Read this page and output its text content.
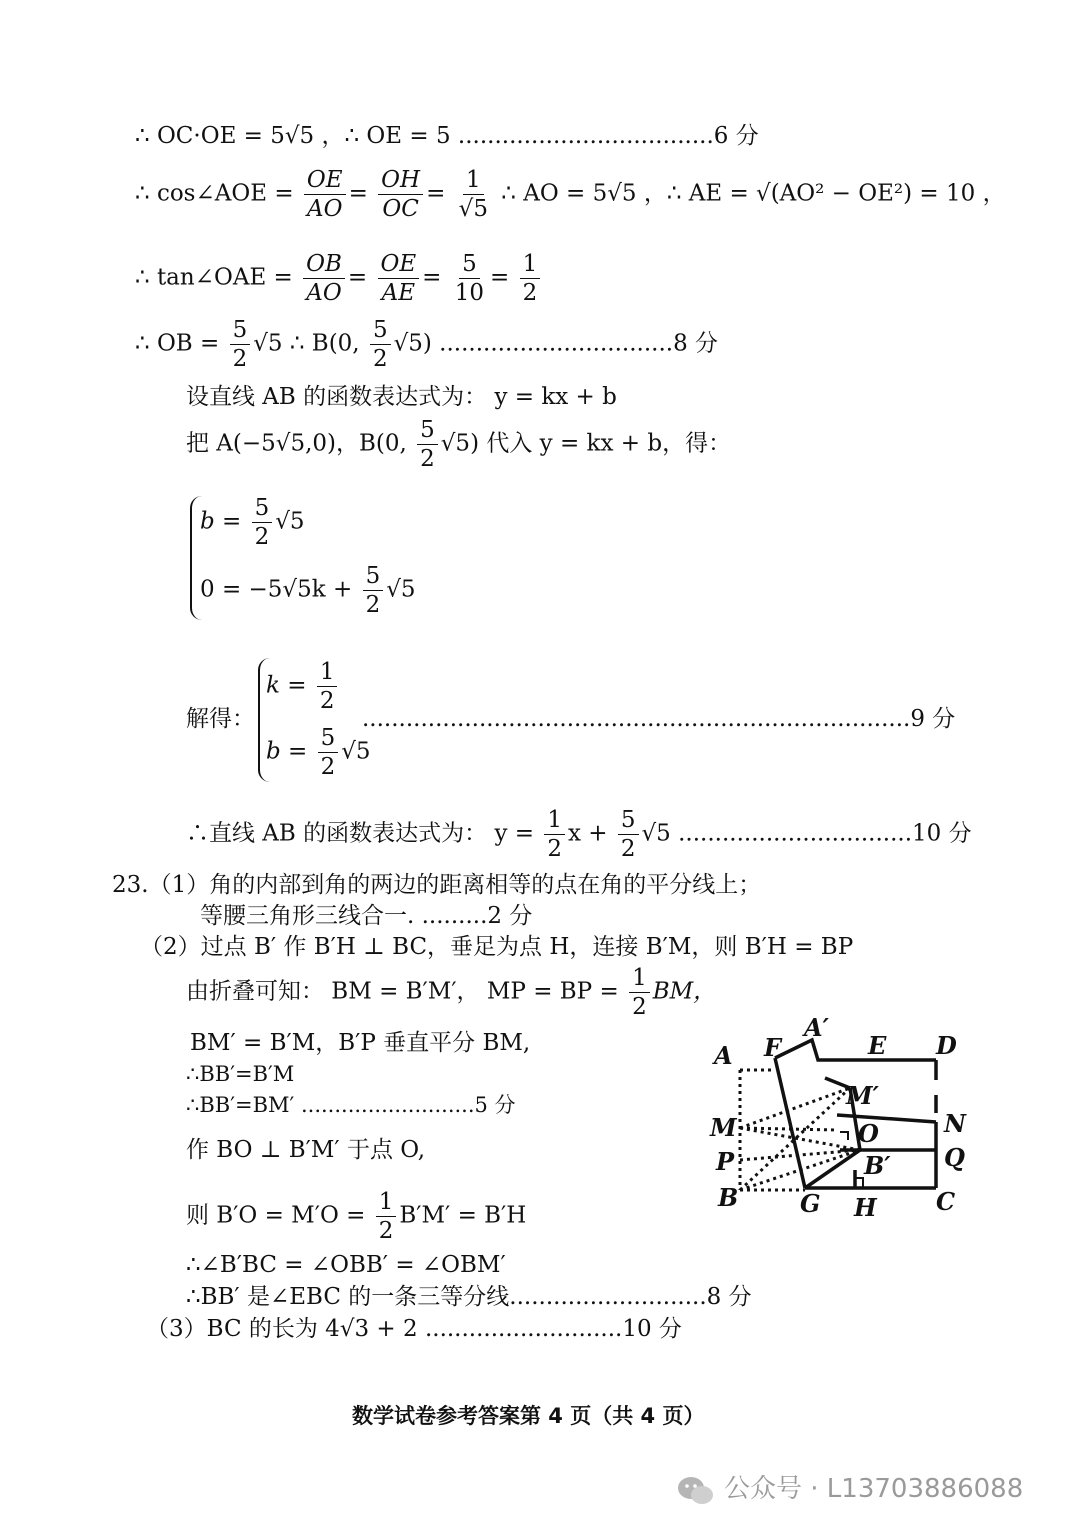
∴ OC·OE = 5√5 ，∴ OE = 5 ...................................6 分
∴ cos∠AOE = $\frac{OE}{AO} = \frac{OH}{OC} = \frac{1}{√5}$ ∴ AO = 5√5 ，∴ AE = √(AO² − OE²) = 10 ，
∴ tan∠OAE = $\frac{OB}{AO} = \frac{OE}{AE} = \frac{5}{10} = \frac{1}{2}$
∴ OB = $\frac{5}{2} √5$ ∴ B(0, $\frac{5}{2} √5$) ................................8 分
设直线 AB 的函数表达式为： y = kx + b
把 A(−5√5,0)，B(0, $\frac{5}{2} √5$) 代入 y = kx + b，得：
$b = \frac{5}{2} √5$
$0 = -5√5k + \frac{5}{2} √5$
解得：
$k = \frac{1}{2}$
$b = \frac{5}{2} √5$
...........................................................................9 分
∴直线 AB 的函数表达式为： $y = \frac{1}{2}$ $x + \frac{5}{2} √5$ ................................10 分
23.（1）角的内部到角的两边的距离相等的点在角的平分线上；
等腰三角形三线合一. .........2 分
（2）过点 B′ 作 B′H ⊥ BC，垂足为点 H，连接 B′M，则 B′H = BP
由折叠可知： BM = B′M′， MP = BP = $\frac{1}{2}$ BM，
BM′ = B′M，B′P 垂直平分 BM,
∴BB′=B′M
∴BB′=BM′ ..........................5 分
作 BO ⊥ B′M′ 于点 O,
则 $B'O = M'O = \frac{1}{2} B'M' = B'H$
∴∠B′BC = ∠OBB′ = ∠OBM′
∴BB′ 是∠EBC 的一条三等分线...........................8 分
（3）BC 的长为 4√3 + 2 ...........................10 分
A F
A′
E D
M′
M	O	N
P	B′ Q
B	G H C
数学试卷参考答案第 4 页（共 4 页）
公众号 · L13703886088
